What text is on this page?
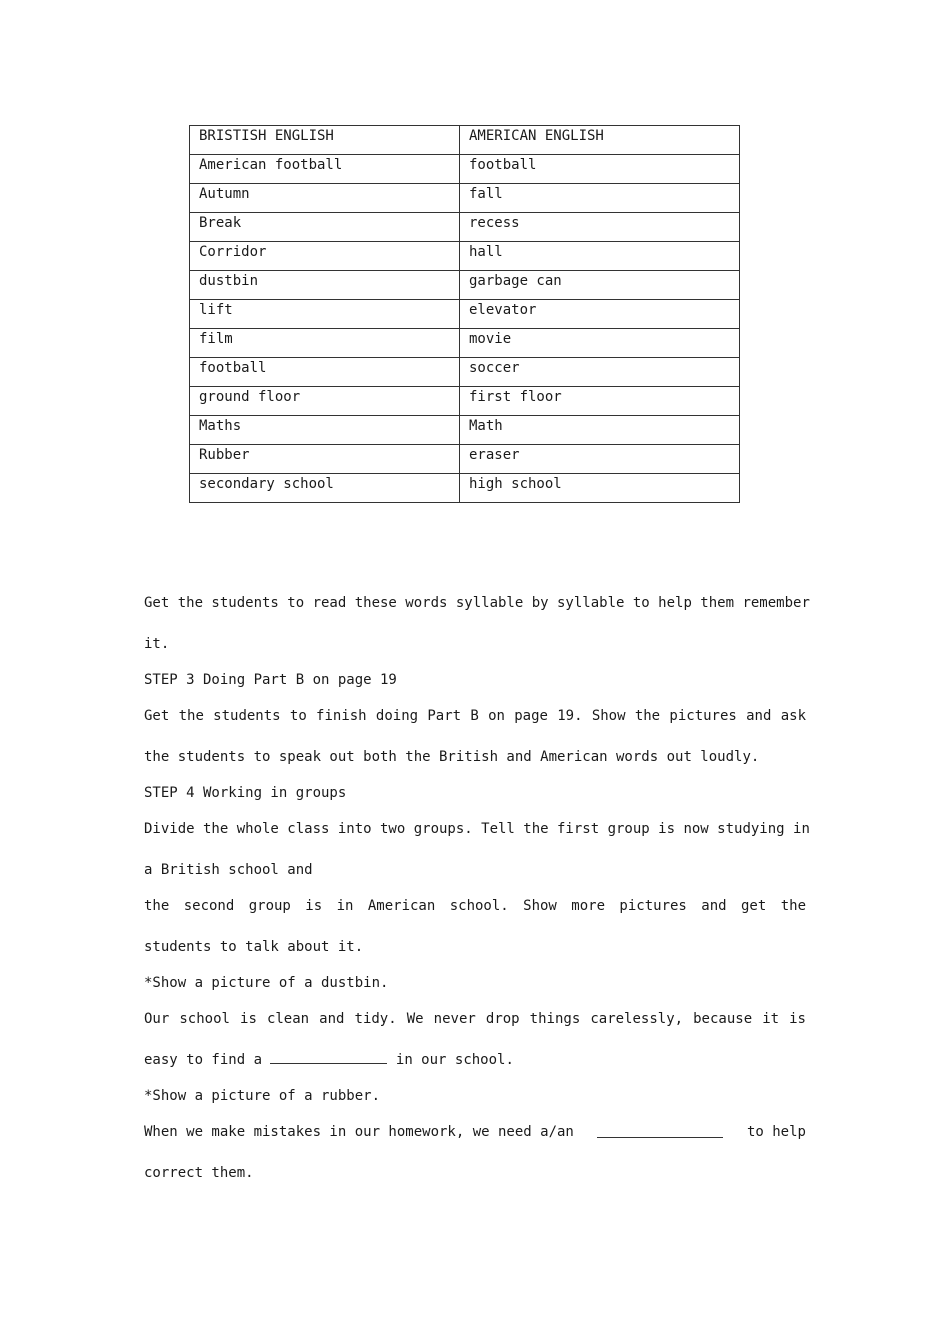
BRISTISH ENGLISH	AMERICAN ENGLISH
American football	football
Autumn	fall
Break	recess
Corridor	hall
dustbin	garbage can
lift	elevator
film	movie
football	soccer
ground floor	first floor
Maths	Math
Rubber	eraser
secondary school	high school
Get the students to read these words syllable by syllable to help them remember
it.
STEP 3 Doing Part B on page 19
Get the students to finish doing Part B on page 19. Show the pictures and ask
the students to speak out both the British and American words out loudly.
STEP 4 Working in groups
Divide the whole class into two groups. Tell the first group is now studying in
a British school and
the second group is in American school. Show more pictures and get the
students to talk about it.
*Show a picture of a dustbin.
Our school is clean and tidy. We never drop things carelessly, because it is
easy to find a	in our school.
*Show a picture of a rubber.
When we make mistakes in our homework, we need a/an	to help
correct them.
